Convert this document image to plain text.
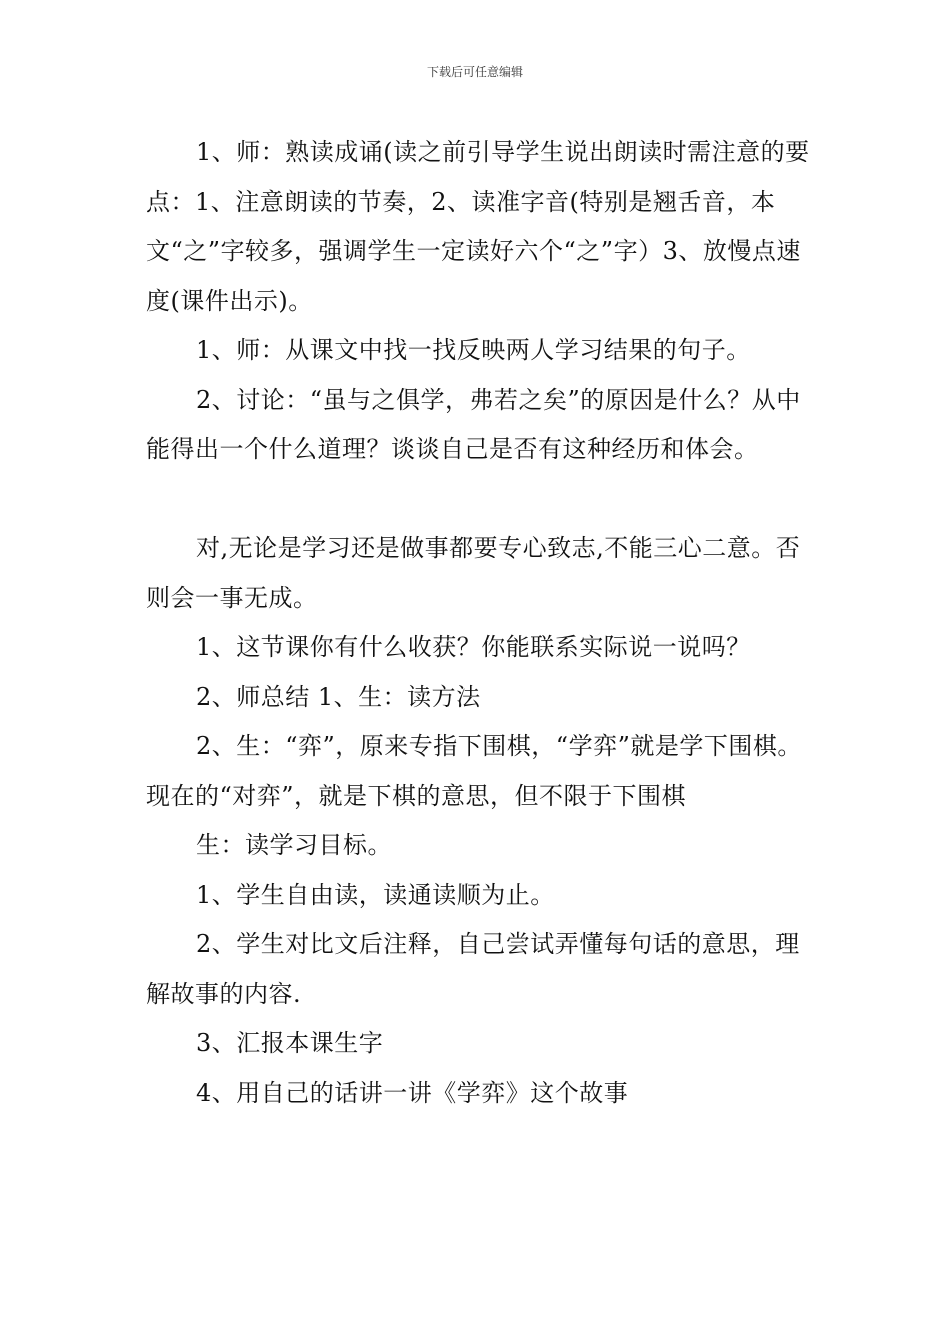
下载后可任意编辑

1、师：熟读成诵(读之前引导学生说出朗读时需注意的要点：1、注意朗读的节奏，2、读准字音(特别是翘舌音，本文“之”字较多，强调学生一定读好六个“之”字）3、放慢点速度(课件出示)。

1、师：从课文中找一找反映两人学习结果的句子。

2、讨论：“虽与之俱学，弗若之矣”的原因是什么？从中能得出一个什么道理？谈谈自己是否有这种经历和体会。

对,无论是学习还是做事都要专心致志,不能三心二意。否则会一事无成。

1、这节课你有什么收获？你能联系实际说一说吗？

2、师总结 1、生：读方法

2、生：“弈”，原来专指下围棋，“学弈”就是学下围棋。现在的“对弈”，就是下棋的意思，但不限于下围棋

生：读学习目标。

1、学生自由读，读通读顺为止。

2、学生对比文后注释，自己尝试弄懂每句话的意思，理解故事的内容.

3、汇报本课生字

4、用自己的话讲一讲《学弈》这个故事
